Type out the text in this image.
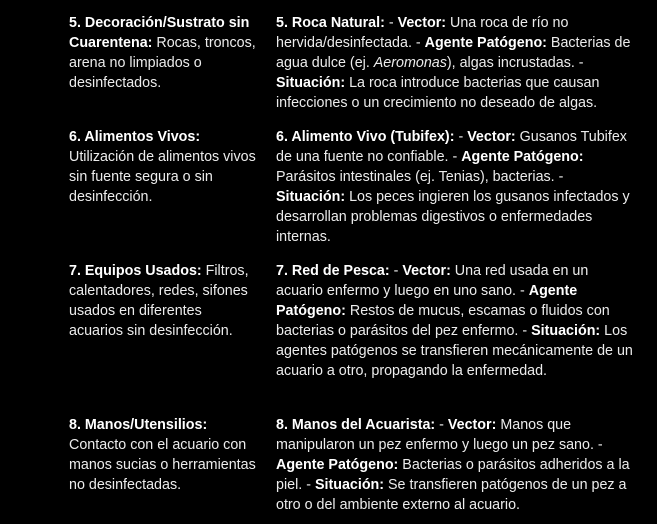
5. Decoración/Sustrato sin Cuarentena: Rocas, troncos, arena no limpiados o desinfectados.
5. Roca Natural: - Vector: Una roca de río no hervida/desinfectada. - Agente Patógeno: Bacterias de agua dulce (ej. Aeromonas), algas incrustadas. - Situación: La roca introduce bacterias que causan infecciones o un crecimiento no deseado de algas.
6. Alimentos Vivos: Utilización de alimentos vivos sin fuente segura o sin desinfección.
6. Alimento Vivo (Tubifex): - Vector: Gusanos Tubifex de una fuente no confiable. - Agente Patógeno: Parásitos intestinales (ej. Tenias), bacterias. - Situación: Los peces ingieren los gusanos infectados y desarrollan problemas digestivos o enfermedades internas.
7. Equipos Usados: Filtros, calentadores, redes, sifones usados en diferentes acuarios sin desinfección.
7. Red de Pesca: - Vector: Una red usada en un acuario enfermo y luego en uno sano. - Agente Patógeno: Restos de mucus, escamas o fluidos con bacterias o parásitos del pez enfermo. - Situación: Los agentes patógenos se transfieren mecánicamente de un acuario a otro, propagando la enfermedad.
8. Manos/Utensilios: Contacto con el acuario con manos sucias o herramientas no desinfectadas.
8. Manos del Acuarista: - Vector: Manos que manipularon un pez enfermo y luego un pez sano. - Agente Patógeno: Bacterias o parásitos adheridos a la piel. - Situación: Se transfieren patógenos de un pez a otro o del ambiente externo al acuario.
